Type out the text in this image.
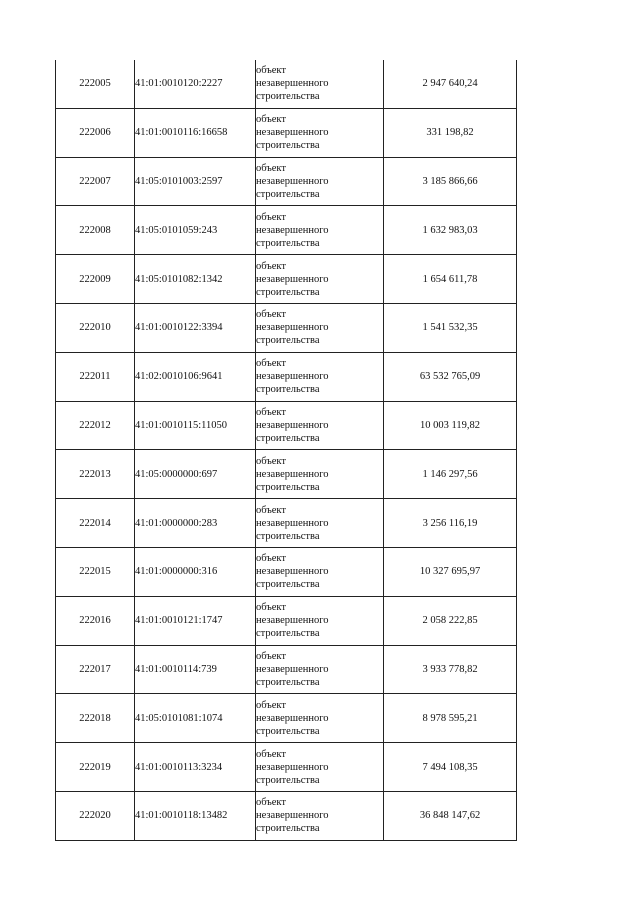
222005	41:01:0010120:2227	объект
незавершенного
строительства	2 947 640,24
222006	41:01:0010116:16658	объект
незавершенного
строительства	331 198,82
222007	41:05:0101003:2597	объект
незавершенного
строительства	3 185 866,66
222008	41:05:0101059:243	объект
незавершенного
строительства	1 632 983,03
222009	41:05:0101082:1342	объект
незавершенного
строительства	1 654 611,78
222010	41:01:0010122:3394	объект
незавершенного
строительства	1 541 532,35
222011	41:02:0010106:9641	объект
незавершенного
строительства	63 532 765,09
222012	41:01:0010115:11050	объект
незавершенного
строительства	10 003 119,82
222013	41:05:0000000:697	объект
незавершенного
строительства	1 146 297,56
222014	41:01:0000000:283	объект
незавершенного
строительства	3 256 116,19
222015	41:01:0000000:316	объект
незавершенного
строительства	10 327 695,97
222016	41:01:0010121:1747	объект
незавершенного
строительства	2 058 222,85
222017	41:01:0010114:739	объект
незавершенного
строительства	3 933 778,82
222018	41:05:0101081:1074	объект
незавершенного
строительства	8 978 595,21
222019	41:01:0010113:3234	объект
незавершенного
строительства	7 494 108,35
222020	41:01:0010118:13482	объект
незавершенного
строительства	36 848 147,62
